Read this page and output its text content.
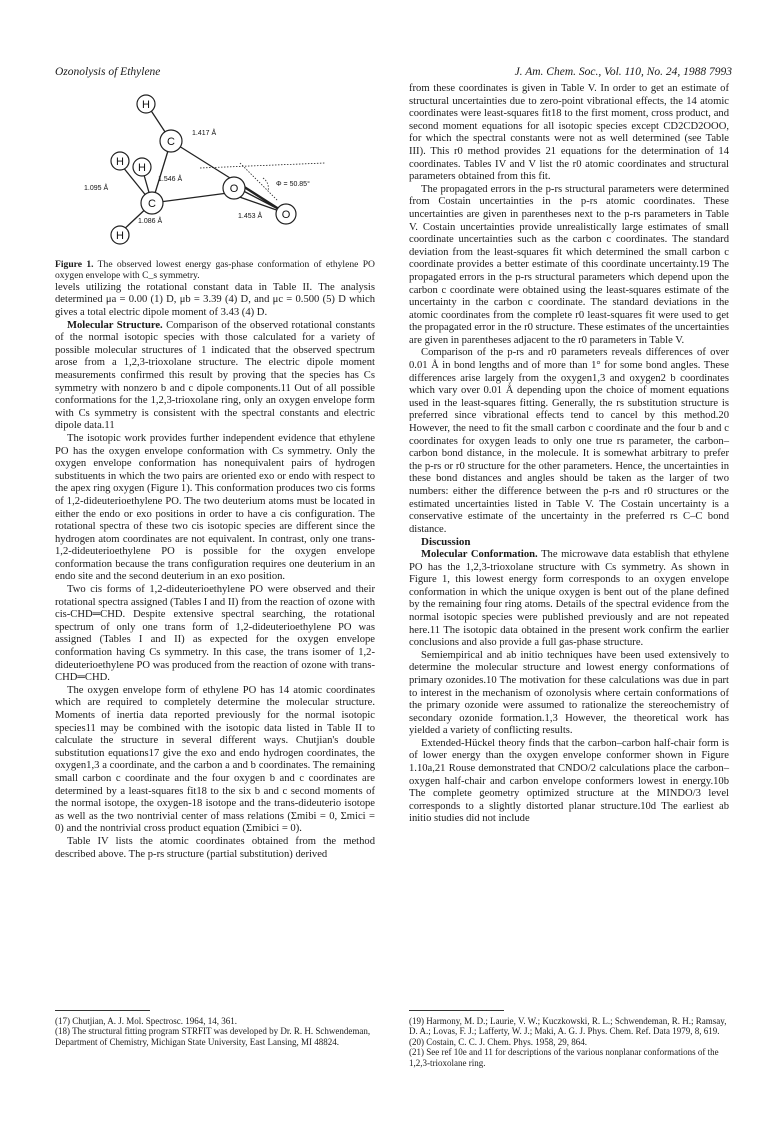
Ozonolysis of Ethylene	J. Am. Chem. Soc., Vol. 110, No. 24, 1988 7993
H
C
H H
C
O
O
H
1.417 Å
1.546 Å
1.095 Å
1.086 Å
1.453 Å
Φ = 50.85°

Figure 1. The observed lowest energy gas-phase conformation of ethylene PO oxygen envelope with C_s symmetry.

levels utilizing the rotational constant data in Table II. The analysis determined μa = 0.00 (1) D, μb = 3.39 (4) D, and μc = 0.500 (5) D which gives a total electric dipole moment of 3.43 (4) D.

Molecular Structure. Comparison of the observed rotational constants of the normal isotopic species with those calculated for a variety of possible molecular structures of 1 indicated that the observed spectrum arose from a 1,2,3-trioxolane structure. The electric dipole moment measurements confirmed this result by proving that the species has Cs symmetry with nonzero b and c dipole components.11 Out of all possible conformations for the 1,2,3-trioxolane ring, only an oxygen envelope form with Cs symmetry is consistent with the spectral constants and electric dipole data.11

The isotopic work provides further independent evidence that ethylene PO has the oxygen envelope conformation with Cs symmetry. Only the oxygen envelope conformation has nonequivalent pairs of hydrogen substituents in which the two pairs are oriented exo or endo with respect to the apex ring oxygen (Figure 1). This conformation produces two cis forms of 1,2-dideuterioethylene PO. The two deuterium atoms must be located in either the endo or exo positions in order to have a cis configuration. The rotational spectra of these two cis isotopic species are different since the hydrogen atom coordinates are not equivalent. In contrast, only one trans-1,2-dideuterioethylene PO is possible for the oxygen envelope conformation because the trans configuration requires one deuterium in an endo site and the second deuterium in an exo position.

Two cis forms of 1,2-dideuterioethylene PO were observed and their rotational spectra assigned (Tables I and II) from the reaction of ozone with cis-CHD═CHD. Despite extensive spectral searching, the rotational spectrum of only one trans form of 1,2-dideuterioethylene PO was assigned (Tables I and II) as expected for the oxygen envelope conformation having Cs symmetry. In this case, the trans isomer of 1,2-dideuterioethylene PO was produced from the reaction of ozone with trans-CHD═CHD.

The oxygen envelope form of ethylene PO has 14 atomic coordinates which are required to completely determine the molecular structure. Moments of inertia data reported previously for the normal isotopic species11 may be combined with the isotopic data listed in Table II to calculate the structure in several different ways. Chutjian's double substitution equations17 give the exo and endo hydrogen coordinates, the oxygen1,3 a coordinate, and the carbon a and b coordinates. The remaining small carbon c coordinate and the four oxygen b and c coordinates are determined by a least-squares fit18 to the six b and c second moments of the normal isotope, the oxygen-18 isotope and the trans-dideuterio isotope as well as the two nontrivial center of mass relations (Σmibi = 0, Σmici = 0) and the nontrivial cross product equation (Σmibici = 0).

Table IV lists the atomic coordinates obtained from the method described above. The p-rs structure (partial substitution) derived

from these coordinates is given in Table V. In order to get an estimate of structural uncertainties due to zero-point vibrational effects, the 14 atomic coordinates were least-squares fit18 to the first moment, cross product, and second moment equations for all isotopic species except CD2CD2OOO, for which the spectral constants were not as well determined (see Table III). This r0 method provides 21 equations for the determination of 14 coordinates. Tables IV and V list the r0 atomic coordinates and structural parameters obtained from this fit.

The propagated errors in the p-rs structural parameters were determined from Costain uncertainties in the p-rs atomic coordinates. These uncertainties are given in parentheses next to the p-rs parameters in Table V. Costain uncertainties provide unrealistically large estimates of small coordinate uncertainties such as the carbon c coordinates. The standard deviation from the least-squares fit which determined the small carbon c coordinate provides a better estimate of this coordinate uncertainty.19 The propagated errors in the p-rs structural parameters which depend upon the carbon c coordinate were obtained using the least-squares estimate of the uncertainty in the carbon c coordinate. The standard deviations in the atomic coordinates from the complete r0 least-squares fit were used to get the propagated error in the r0 structure. These estimates of the uncertainties are given in parentheses adjacent to the r0 parameters in Table V.

Comparison of the p-rs and r0 parameters reveals differences of over 0.01 Å in bond lengths and of more than 1° for some bond angles. These differences arise largely from the oxygen1,3 and oxygen2 b coordinates which vary over 0.01 Å depending upon the choice of moment equations used in the least-squares fitting. Generally, the rs substitution structure is preferred since vibrational effects tend to cancel by this method.20 However, the need to fit the small carbon c coordinate and the four b and c coordinates for oxygen leads to only one true rs parameter, the carbon–carbon bond distance, in the molecule. It is somewhat arbitrary to prefer the p-rs or r0 structure for the other parameters. Hence, the uncertainties in these bond distances and angles should be taken as the larger of two numbers: either the difference between the p-rs and r0 structures or the estimated uncertainties listed in Table V. The Costain uncertainty is a conservative estimate of the uncertainty in the preferred rs C–C bond distance.

Discussion

Molecular Conformation. The microwave data establish that ethylene PO has the 1,2,3-trioxolane structure with Cs symmetry. As shown in Figure 1, this lowest energy form corresponds to an oxygen envelope conformation in which the unique oxygen is bent out of the plane defined by the remaining four ring atoms. Details of the spectral evidence from the normal isotopic species were published previously and are not repeated here.11 The isotopic data obtained in the present work confirm the earlier conclusions and also provide a full gas-phase structure.

Semiempirical and ab initio techniques have been used extensively to determine the molecular structure and lowest energy conformations of primary ozonides.10 The motivation for these calculations was due in part to interest in the mechanism of ozonolysis where certain conformations of the primary ozonide were assumed to rationalize the stereochemistry of secondary ozonide formation.1,3 However, the theoretical work has yielded a variety of conflicting results.

Extended-Hückel theory finds that the carbon–carbon half-chair form is of lower energy than the oxygen envelope conformer shown in Figure 1.10a,21 Rouse demonstrated that CNDO/2 calculations place the carbon–oxygen half-chair and carbon envelope conformers lowest in energy.10b The complete geometry optimized structure at the MINDO/3 level corresponds to a slightly distorted planar structure.10d The earliest ab initio studies did not include

(17) Chutjian, A. J. Mol. Spectrosc. 1964, 14, 361.

(18) The structural fitting program STRFIT was developed by Dr. R. H. Schwendeman, Department of Chemistry, Michigan State University, East Lansing, MI 48824.

(19) Harmony, M. D.; Laurie, V. W.; Kuczkowski, R. L.; Schwendeman, R. H.; Ramsay, D. A.; Lovas, F. J.; Lafferty, W. J.; Maki, A. G. J. Phys. Chem. Ref. Data 1979, 8, 619.

(20) Costain, C. C. J. Chem. Phys. 1958, 29, 864.

(21) See ref 10e and 11 for descriptions of the various nonplanar conformations of the 1,2,3-trioxolane ring.
